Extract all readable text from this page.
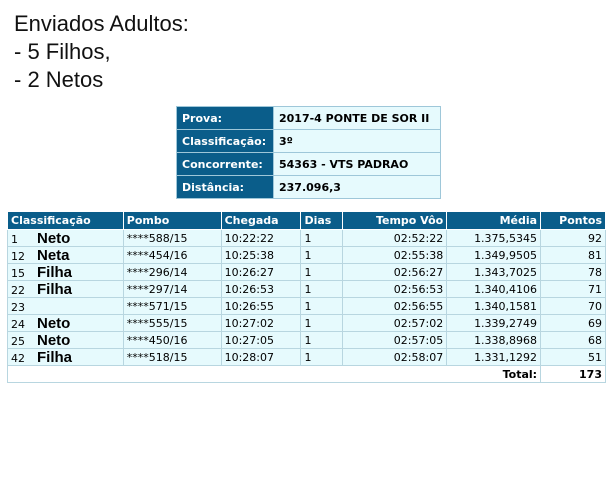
Enviados Adultos:
- 5 Filhos,
- 2 Netos
Prova:	2017-4 PONTE DE SOR II
Classificação:	3º
Concorrente:	54363 - VTS PADRAO
Distância:	237.096,3
Classificação	Pombo	Chegada	Dias	Tempo Vôo	Média	Pontos
1 Neto	****588/15	10:22:22	1	02:52:22	1.375,5345	92
12 Neta	****454/16	10:25:38	1	02:55:38	1.349,9505	81
15 Filha	****296/14	10:26:27	1	02:56:27	1.343,7025	78
22 Filha	****297/14	10:26:53	1	02:56:53	1.340,4106	71
23	****571/15	10:26:55	1	02:56:55	1.340,1581	70
24 Neto	****555/15	10:27:02	1	02:57:02	1.339,2749	69
25 Neto	****450/16	10:27:05	1	02:57:05	1.338,8968	68
42 Filha	****518/15	10:28:07	1	02:58:07	1.331,1292	51
Total:						173
